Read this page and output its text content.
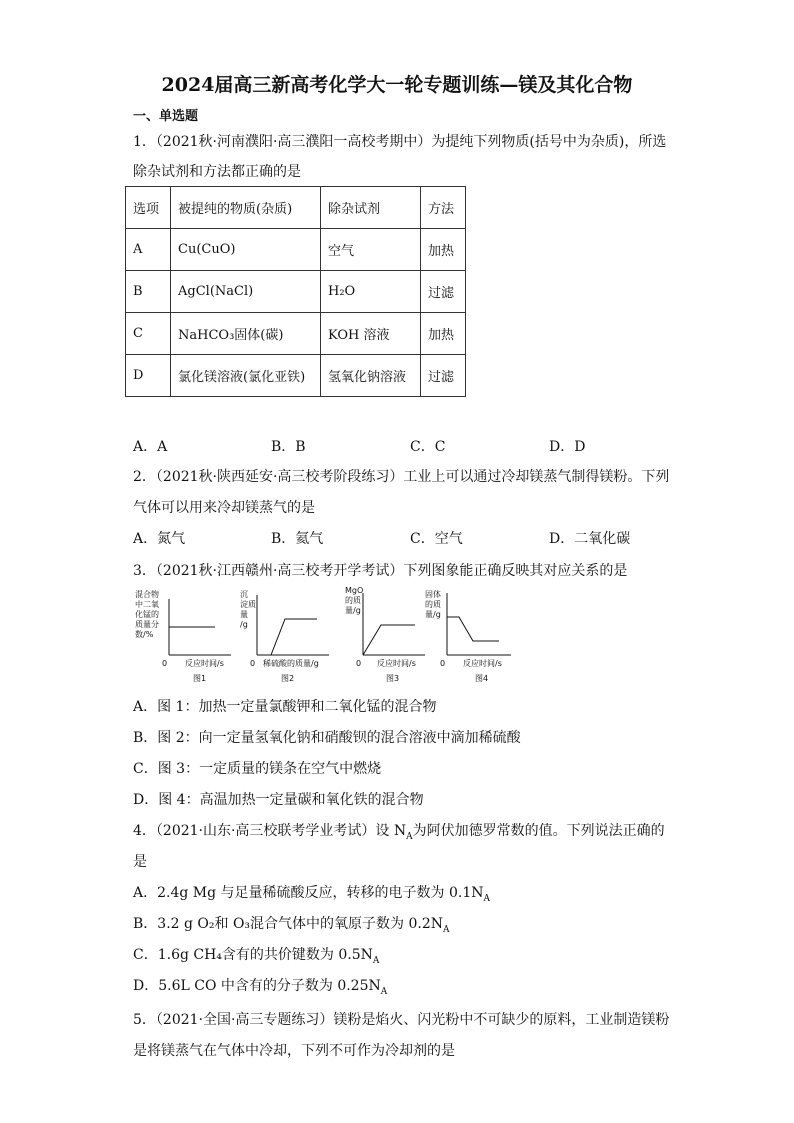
2024届高三新高考化学大一轮专题训练—镁及其化合物
一、单选题
1．（2021秋·河南濮阳·高三濮阳一高校考期中）为提纯下列物质(括号中为杂质)，所选
除杂试剂和方法都正确的是
选项	被提纯的物质(杂质)	除杂试剂	方法
A	Cu(CuO)	空气	加热
B	AgCl(NaCl)	H₂O	过滤
C	NaHCO₃固体(碳)	KOH 溶液	加热
D	氯化镁溶液(氯化亚铁)	氢氧化钠溶液	过滤
A．A	B．B	C．C	D．D
2．（2021秋·陕西延安·高三校考阶段练习）工业上可以通过冷却镁蒸气制得镁粉。下列
气体可以用来冷却镁蒸气的是
A．氮气	B．氦气	C．空气	D．二氧化碳
3．（2021秋·江西赣州·高三校考开学考试）下列图象能正确反映其对应关系的是
混合物
中二氧
化锰的
质量分
数/%
0 反应时间/s
图1
沉
淀质
量
/g
0 稀硫酸的质量/g
图2
MgO
的质
量/g
0 反应时间/s
图3
固体
的质
量/g
0 反应时间/s
图4
A．图 1：加热一定量氯酸钾和二氧化锰的混合物
B．图 2：向一定量氢氧化钠和硝酸钡的混合溶液中滴加稀硫酸
C．图 3：一定质量的镁条在空气中燃烧
D．图 4：高温加热一定量碳和氧化铁的混合物
4．（2021·山东·高三校联考学业考试）设 $N_A$为阿伏加德罗常数的值。下列说法正确的
是
A．2.4g Mg 与足量稀硫酸反应，转移的电子数为 $0.1N_A$
B．3.2 g O₂和 O₃混合气体中的氧原子数为 $0.2N_A$
C．1.6g CH₄含有的共价键数为 $0.5N_A$
D．5.6L CO 中含有的分子数为 $0.25N_A$
5．（2021·全国·高三专题练习）镁粉是焰火、闪光粉中不可缺少的原料，工业制造镁粉
是将镁蒸气在气体中冷却，下列不可作为冷却剂的是
